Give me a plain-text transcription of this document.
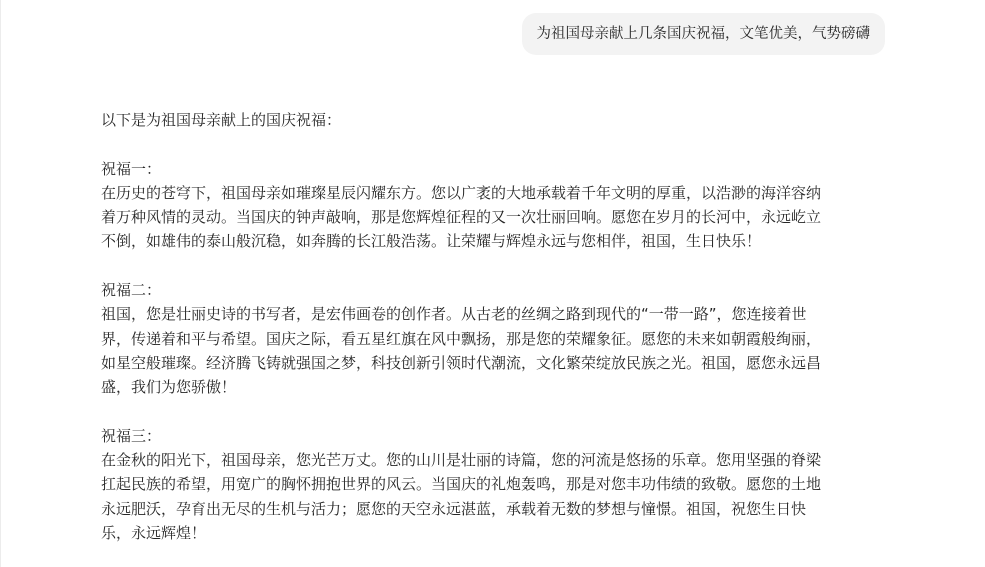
为祖国母亲献上几条国庆祝福，文笔优美，气势磅礴

以下是为祖国母亲献上的国庆祝福：

祝福一：

在历史的苍穹下，祖国母亲如璀璨星辰闪耀东方。您以广袤的大地承载着千年文明的厚重，以浩渺的海洋容纳

着万种风情的灵动。当国庆的钟声敲响，那是您辉煌征程的又一次壮丽回响。愿您在岁月的长河中，永远屹立

不倒，如雄伟的泰山般沉稳，如奔腾的长江般浩荡。让荣耀与辉煌永远与您相伴，祖国，生日快乐！

祝福二：

祖国，您是壮丽史诗的书写者，是宏伟画卷的创作者。从古老的丝绸之路到现代的“一带一路”，您连接着世

界，传递着和平与希望。国庆之际，看五星红旗在风中飘扬，那是您的荣耀象征。愿您的未来如朝霞般绚丽，

如星空般璀璨。经济腾飞铸就强国之梦，科技创新引领时代潮流，文化繁荣绽放民族之光。祖国，愿您永远昌

盛，我们为您骄傲！

祝福三：

在金秋的阳光下，祖国母亲，您光芒万丈。您的山川是壮丽的诗篇，您的河流是悠扬的乐章。您用坚强的脊梁

扛起民族的希望，用宽广的胸怀拥抱世界的风云。当国庆的礼炮轰鸣，那是对您丰功伟绩的致敬。愿您的土地

永远肥沃，孕育出无尽的生机与活力；愿您的天空永远湛蓝，承载着无数的梦想与憧憬。祖国，祝您生日快

乐，永远辉煌！
